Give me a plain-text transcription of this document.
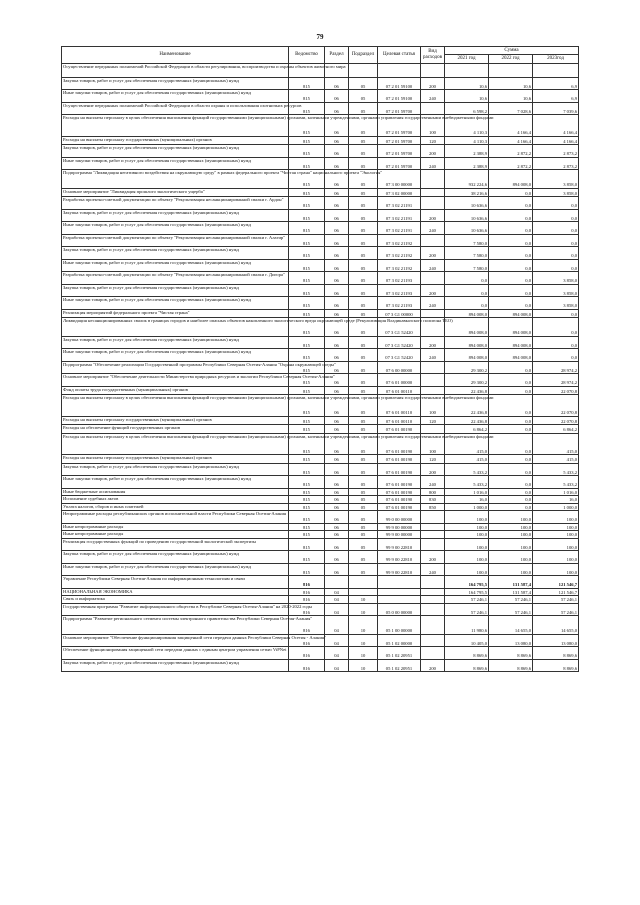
79
Наименование	Ведомство	Раздел	Подраздел	Целевая статья	Вид расходов	Сумма		
						2021 год	2022 год	2023год
Осуществление переданных полномочий Российской Федерации в области регулирования, воспроизводства и охраны объектов животного мира								
Закупка товаров, работ и услуг для обеспечения государственных (муниципальных) нужд	815	06	05	07 2 01 59100	200	10,6	10,6	6,9
Иные закупки товаров, работ и услуг для обеспечения государственных (муниципальных) нужд	815	06	05	07 2 01 59100	240	10,6	10,6	6,9
Осуществление переданных полномочий Российской Федерации в области охраны и использования охотничьих ресурсов	815	06	05	07 2 01 59700		6 598,2	7 028,6	7 039,6
Расходы на выплаты персоналу в целях обеспечения выполнения функций государственными (муниципальными) органами, казенными учреждениями, органами управления государственными внебюджетными фондами	815	06	05	07 2 01 59700	100	4 110,3	4 166,4	4 166,4
Расходы на выплаты персоналу государственных (муниципальных) органов	815	06	05	07 2 01 59700	120	4 110,3	4 166,4	4 166,4
Закупка товаров, работ и услуг для обеспечения государственных (муниципальных) нужд	815	06	05	07 2 01 59700	200	2 388,9	2 872,2	2 873,2
Иные закупки товаров, работ и услуг для обеспечения государственных (муниципальных) нужд	815	06	05	07 2 01 59700	240	2 388,9	2 872,2	2 873,2
Подпрограмма "Ликвидация негативного воздействия на окружающую среду" в рамках федерального проекта "Чистая страна" национального проекта "Экология"	815	06	05	07 3 00 00000		932 224,6	894 008,0	3 858,0
Основное мероприятие "Ликвидация прошлого экологического ущерба"	815	06	05	07 3 02 00000		38 216,6	0,0	3 858,0
Разработка проектно-сметной документации по объекту "Рекультивация несанкционированной свалки г. Ардон"	815	06	05	07 3 02 21191		10 636,6	0,0	0,0
Закупка товаров, работ и услуг для обеспечения государственных (муниципальных) нужд	815	06	05	07 3 02 21191	200	10 636,6	0,0	0,0
Иные закупки товаров, работ и услуг для обеспечения государственных (муниципальных) нужд	815	06	05	07 3 02 21191	240	10 636,6	0,0	0,0
Разработка проектно-сметной документации по объекту "Рекультивация несанкционированной свалки г. Алагир"	815	06	05	07 3 02 21192		7 580,0	0,0	0,0
Закупка товаров, работ и услуг для обеспечения государственных (муниципальных) нужд	815	06	05	07 3 02 21192	200	7 580,0	0,0	0,0
Иные закупки товаров, работ и услуг для обеспечения государственных (муниципальных) нужд	815	06	05	07 3 02 21192	240	7 580,0	0,0	0,0
Разработка проектно-сметной документации по объекту "Рекультивация несанкционированной свалки г. Дигора"	815	06	05	07 3 02 21193		0,0	0,0	3 858,0
Закупка товаров, работ и услуг для обеспечения государственных (муниципальных) нужд	815	06	05	07 3 02 21193	200	0,0	0,0	3 858,0
Иные закупки товаров, работ и услуг для обеспечения государственных (муниципальных) нужд	815	06	05	07 3 02 21193	240	0,0	0,0	3 858,0
Реализация мероприятий федерального проекта "Чистая страна"	815	06	05	07 3 G1 00000		894 008,0	894 008,0	0,0
Ликвидация несанкционированных свалок в границах городов и наиболее опасных объектов накопленного экологического вреда окружающей среде (Рекультивация Владикавказского полигона ТБО)	815	06	05	07 3 G1 52420		894 008,0	894 008,0	0,0
Закупка товаров, работ и услуг для обеспечения государственных (муниципальных) нужд	815	06	05	07 3 G1 52420	200	894 008,0	894 008,0	0,0
Иные закупки товаров, работ и услуг для обеспечения государственных (муниципальных) нужд	815	06	05	07 3 G1 52420	240	894 008,0	894 008,0	0,0
Подпрограмма "Обеспечение реализации Государственной программы Республики Северная Осетия-Алания "Охрана окружающей среды"	815	06	05	07 6 00 00000		29 300,2	0,0	28 974,2
Основное мероприятие "Обеспечение деятельности Министерства природных ресурсов и экологии Республики Северная Осетия-Алания"	815	06	05	07 6 01 00000		29 300,2	0,0	28 974,2
Фонд оплаты труда государственных (муниципальных) органов	815	06	05	07 6 01 00110		22 436,8	0,0	22 070,8
Расходы на выплаты персоналу в целях обеспечения выполнения функций государственными (муниципальными) органами, казенными учреждениями, органами управления государственными внебюджетными фондами	815	06	05	07 6 01 00110	100	22 436,8	0,0	22 070,8
Расходы на выплаты персоналу государственных (муниципальных) органов	815	06	05	07 6 01 00110	120	22 436,8	0,0	22 070,8
Расходы на обеспечение функций государственных органов	815	06	05	07 6 01 00190		6 864,2	0,0	6 864,2
Расходы на выплаты персоналу в целях обеспечения выполнения функций государственными (муниципальными) органами, казенными учреждениями, органами управления государственными внебюджетными фондами	815	06	05	07 6 01 00190	100	415,0	0,0	415,0
Расходы на выплаты персоналу государственных (муниципальных) органов	815	06	05	07 6 01 00190	120	415,0	0,0	415,0
Закупка товаров, работ и услуг для обеспечения государственных (муниципальных) нужд	815	06	05	07 6 01 00190	200	5 433,2	0,0	5 433,2
Иные закупки товаров, работ и услуг для обеспечения государственных (муниципальных) нужд	815	06	05	07 6 01 00190	240	5 433,2	0,0	5 433,2
Иные бюджетные ассигнования	815	06	05	07 6 01 00190	800	1 016,0	0,0	1 016,0
Исполнение судебных актов	815	06	05	07 6 01 00190	830	16,0	0,0	16,0
Уплата налогов, сборов и иных платежей	815	06	05	07 6 01 00190	850	1 000,0	0,0	1 000,0
Непрограммные расходы республиканских органов исполнительной власти Республики Северная Осетия-Алания	815	06	05	99 0 00 00000		100,0	100,0	100,0
Иные непрограммные расходы	815	06	05	99 9 00 00000		100,0	100,0	100,0
Иные непрограммные расходы	815	06	05	99 9 00 00000		100,0	100,0	100,0
Реализация государственных функций по проведению государственной экологической экспертизы	815	06	05	99 9 00 22810		100,0	100,0	100,0
Закупка товаров, работ и услуг для обеспечения государственных (муниципальных) нужд	815	06	05	99 9 00 22810	200	100,0	100,0	100,0
Иные закупки товаров, работ и услуг для обеспечения государственных (муниципальных) нужд	815	06	05	99 9 00 22810	240	100,0	100,0	100,0
Управление Республики Северная Осетия-Алания по информационным технологиям и связи	816					164 795,5	131 587,4	121 546,7
НАЦИОНАЛЬНАЯ ЭКОНОМИКА	816	04				164 795,5	131 587,4	121 546,7
Связь и информатика	816	04	10			57 246,1	57 246,1	57 246,1
Государственная программа "Развитие информационного общества в Республике Северная Осетия-Алания" на 2020-2022 годы	816	04	10	05 0 00 00000		57 246,1	57 246,1	57 246,1
Подпрограмма "Развитие регионального сегмента системы электронного правительства Республики Северная Осетия-Алания"	816	04	10	05 1 00 00000		11 980,6	14 655,0	14 655,0
Основное мероприятие "Обеспечение функционирования защищенной сети передачи данных Республики Северная Осетия - Алания"	816	04	10	05 1 02 00000		10 405,0	13 080,0	13 080,0
Обеспечение функционирования защищенной сети передачи данных с единым центром управления сетью ViPNet	816	04	10	05 1 02 20951		8 869,6	8 869,6	8 869,6
Закупка товаров, работ и услуг для обеспечения государственных (муниципальных) нужд	816	04	10	05 1 02 20951	200	8 869,6	8 869,6	8 869,6
